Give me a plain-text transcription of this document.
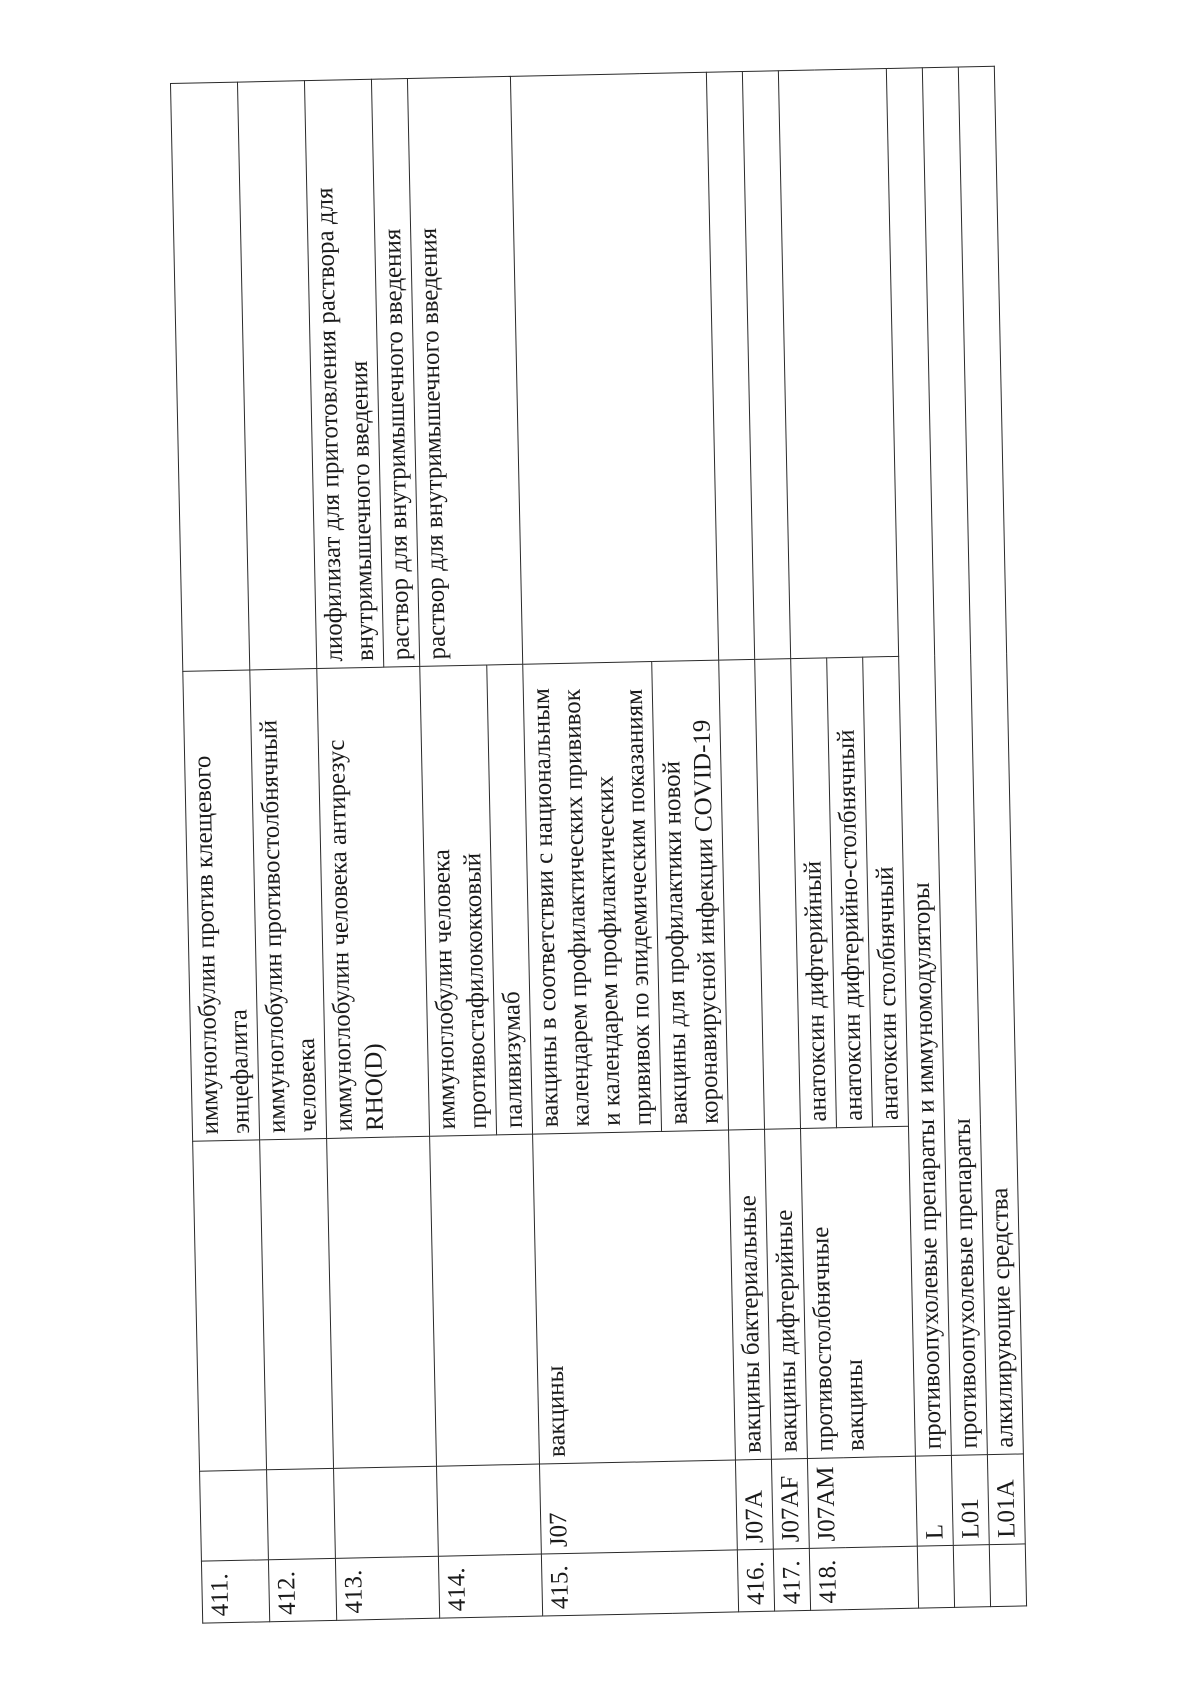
411.			иммуноглобулин против клещевого энцефалита	
412.			иммуноглобулин противостолбнячный человека	
413.			иммуноглобулин человека антирезус RHO(D)	лиофилизат для приготовления раствора для внутримышечного введения
				раствор для внутримышечного введения
414.			иммуноглобулин человека противостафилококковый	раствор для внутримышечного введения

			паливизумаб	
415.	J07	вакцины	вакцины в соответствии с национальным календарем профилактических прививок и календарем профилактических прививок по эпидемическим показаниям	
			вакцины для профилактики новой коронавирусной инфекции COVID-19	
416.	J07A	вакцины бактериальные		
417.	J07AF	вакцины дифтерийные		
418.	J07AM	противостолбнячные вакцины	анатоксин дифтерийный	
			анатоксин дифтерийно-столбнячный	
			анатоксин столбнячный	
	L	противоопухолевые препараты и иммуномодуляторы		
	L01	противоопухолевые препараты		
	L01A	алкилирующие средства		
